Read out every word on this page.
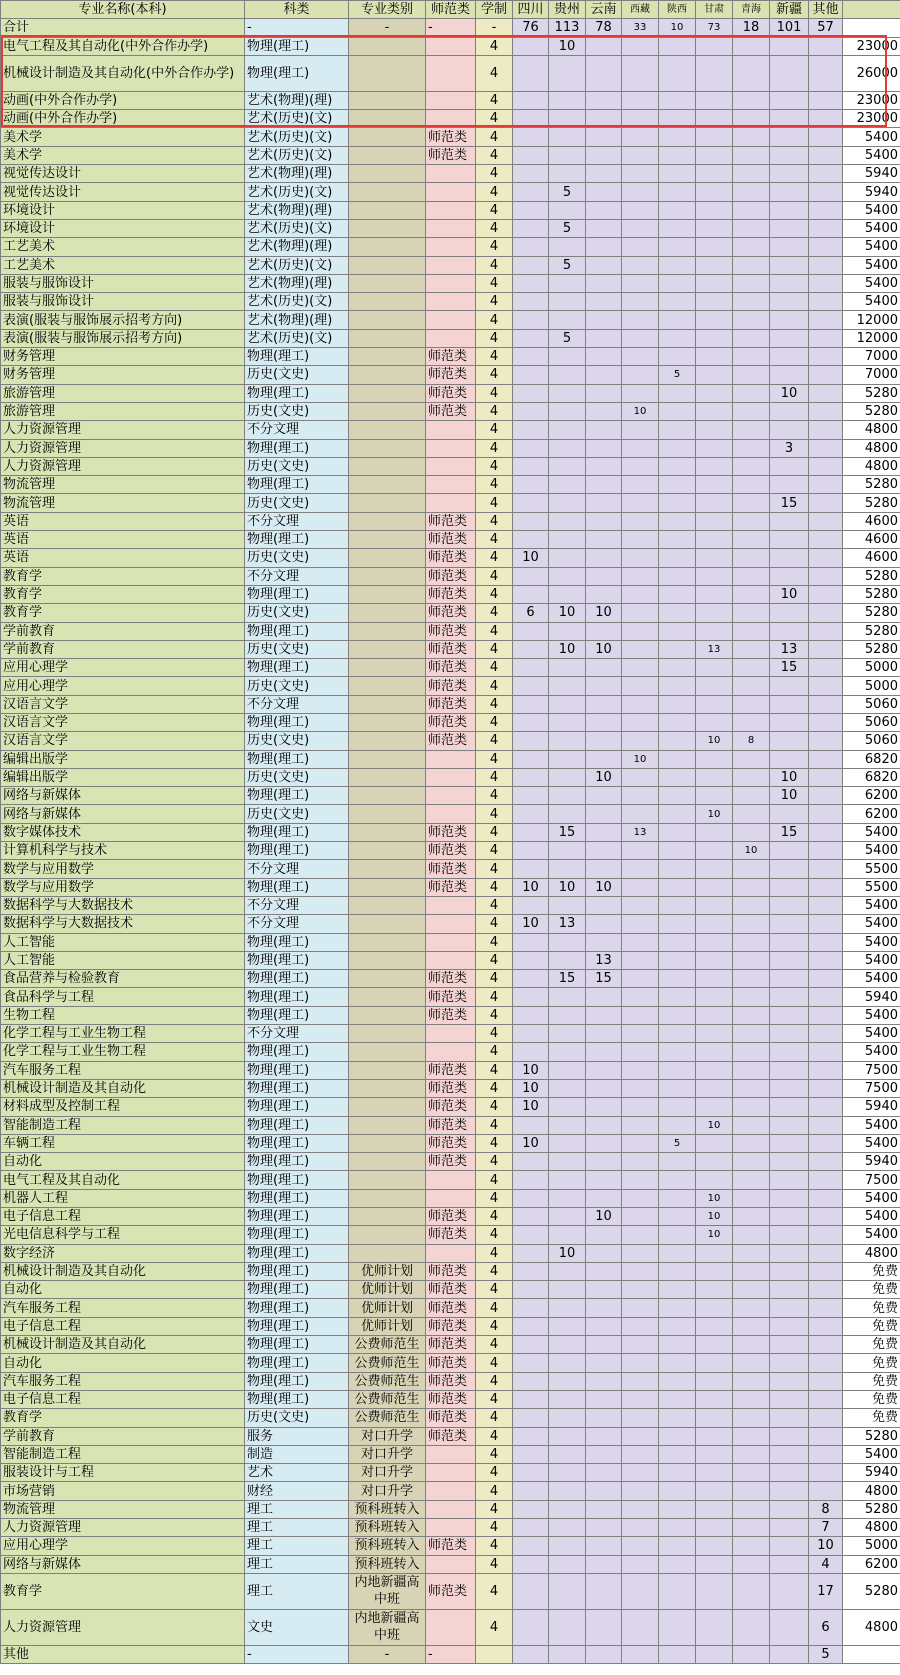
专业名称(本科)	科类	专业类别	师范类	学制	四川	贵州	云南	西藏	陕西	甘肃	青海	新疆	其他	
合计	-	-	-	-	76	113	78	33	10	73	18	101	57	
电气工程及其自动化(中外合作办学)	物理(理工)			4		10								23000
机械设计制造及其自动化(中外合作办学)	物理(理工)			4										26000
动画(中外合作办学)	艺术(物理)(理)			4										23000
动画(中外合作办学)	艺术(历史)(文)			4										23000
美术学	艺术(历史)(文)		师范类	4										5400
美术学	艺术(历史)(文)		师范类	4										5400
视觉传达设计	艺术(物理)(理)			4										5940
视觉传达设计	艺术(历史)(文)			4		5								5940
环境设计	艺术(物理)(理)			4										5400
环境设计	艺术(历史)(文)			4		5								5400
工艺美术	艺术(物理)(理)			4										5400
工艺美术	艺术(历史)(文)			4		5								5400
服装与服饰设计	艺术(物理)(理)			4										5400
服装与服饰设计	艺术(历史)(文)			4										5400
表演(服装与服饰展示招考方向)	艺术(物理)(理)			4										12000
表演(服装与服饰展示招考方向)	艺术(历史)(文)			4		5								12000
财务管理	物理(理工)		师范类	4										7000
财务管理	历史(文史)		师范类	4					5					7000
旅游管理	物理(理工)		师范类	4								10		5280
旅游管理	历史(文史)		师范类	4				10						5280
人力资源管理	不分文理			4										4800
人力资源管理	物理(理工)			4								3		4800
人力资源管理	历史(文史)			4										4800
物流管理	物理(理工)			4										5280
物流管理	历史(文史)			4								15		5280
英语	不分文理		师范类	4										4600
英语	物理(理工)		师范类	4										4600
英语	历史(文史)		师范类	4	10									4600
教育学	不分文理		师范类	4										5280
教育学	物理(理工)		师范类	4								10		5280
教育学	历史(文史)		师范类	4	6	10	10							5280
学前教育	物理(理工)		师范类	4										5280
学前教育	历史(文史)		师范类	4		10	10			13		13		5280
应用心理学	物理(理工)		师范类	4								15		5000
应用心理学	历史(文史)		师范类	4										5000
汉语言文学	不分文理		师范类	4										5060
汉语言文学	物理(理工)		师范类	4										5060
汉语言文学	历史(文史)		师范类	4						10	8			5060
编辑出版学	物理(理工)			4				10						6820
编辑出版学	历史(文史)			4			10					10		6820
网络与新媒体	物理(理工)			4								10		6200
网络与新媒体	历史(文史)			4						10				6200
数字媒体技术	物理(理工)		师范类	4		15		13				15		5400
计算机科学与技术	物理(理工)		师范类	4							10			5400
数学与应用数学	不分文理		师范类	4										5500
数学与应用数学	物理(理工)		师范类	4	10	10	10							5500
数据科学与大数据技术	不分文理			4										5400
数据科学与大数据技术	不分文理			4	10	13								5400
人工智能	物理(理工)			4										5400
人工智能	物理(理工)			4			13							5400
食品营养与检验教育	物理(理工)		师范类	4		15	15							5400
食品科学与工程	物理(理工)		师范类	4										5940
生物工程	物理(理工)		师范类	4										5400
化学工程与工业生物工程	不分文理			4										5400
化学工程与工业生物工程	物理(理工)			4										5400
汽车服务工程	物理(理工)		师范类	4	10									7500
机械设计制造及其自动化	物理(理工)		师范类	4	10									7500
材料成型及控制工程	物理(理工)		师范类	4	10									5940
智能制造工程	物理(理工)		师范类	4						10				5400
车辆工程	物理(理工)		师范类	4	10				5					5400
自动化	物理(理工)		师范类	4										5940
电气工程及其自动化	物理(理工)			4										7500
机器人工程	物理(理工)			4						10				5400
电子信息工程	物理(理工)		师范类	4			10			10				5400
光电信息科学与工程	物理(理工)		师范类	4						10				5400
数字经济	物理(理工)			4		10								4800
机械设计制造及其自动化	物理(理工)	优师计划	师范类	4										免费
自动化	物理(理工)	优师计划	师范类	4										免费
汽车服务工程	物理(理工)	优师计划	师范类	4										免费
电子信息工程	物理(理工)	优师计划	师范类	4										免费
机械设计制造及其自动化	物理(理工)	公费师范生	师范类	4										免费
自动化	物理(理工)	公费师范生	师范类	4										免费
汽车服务工程	物理(理工)	公费师范生	师范类	4										免费
电子信息工程	物理(理工)	公费师范生	师范类	4										免费
教育学	历史(文史)	公费师范生	师范类	4										免费
学前教育	服务	对口升学	师范类	4										5280
智能制造工程	制造	对口升学		4										5400
服装设计与工程	艺术	对口升学		4										5940
市场营销	财经	对口升学		4										4800
物流管理	理工	预科班转入		4									8	5280
人力资源管理	理工	预科班转入		4									7	4800
应用心理学	理工	预科班转入	师范类	4									10	5000
网络与新媒体	理工	预科班转入		4									4	6200
教育学	理工	内地新疆高中班	师范类	4									17	5280
人力资源管理	文史	内地新疆高中班		4									6	4800
其他	-	-	-										5	
